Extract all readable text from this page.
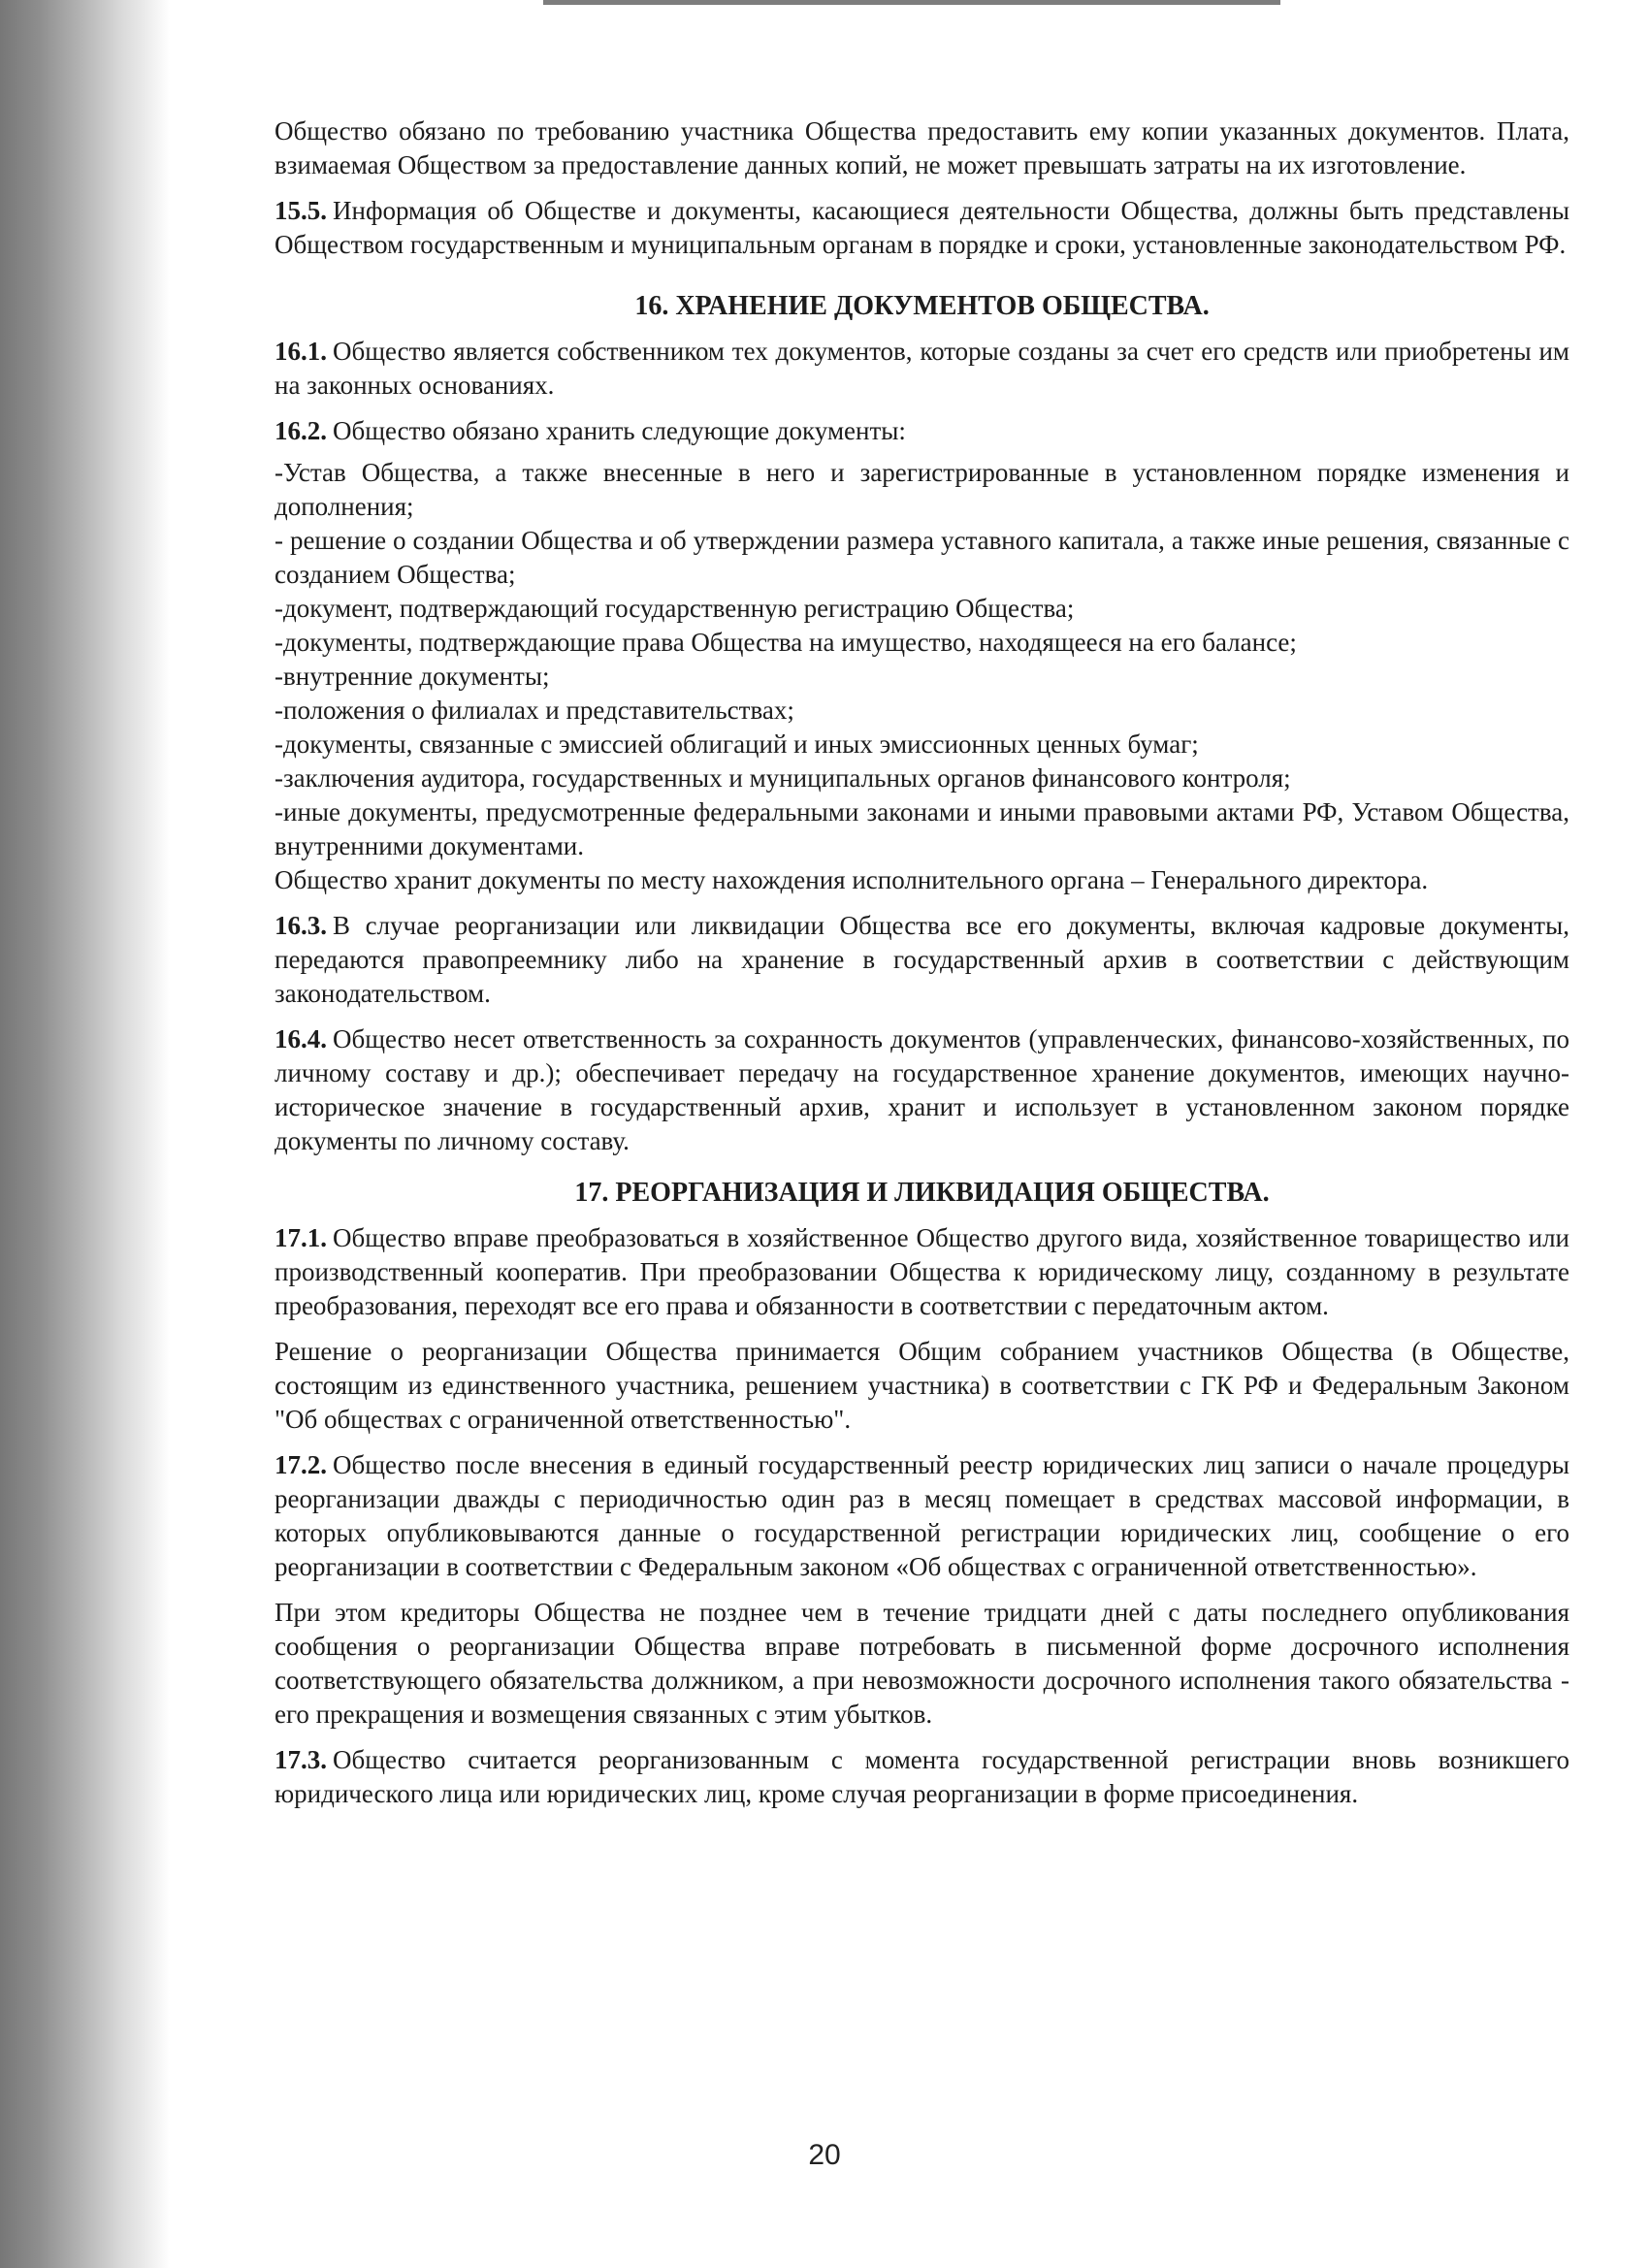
Общество обязано по требованию участника Общества предоставить ему копии указанных документов. Плата, взимаемая Обществом за предоставление данных копий, не может превышать затраты на их изготовление.

15.5. Информация об Обществе и документы, касающиеся деятельности Общества, должны быть представлены Обществом государственным и муниципальным органам в порядке и сроки, установленные законодательством РФ.

16. ХРАНЕНИЕ ДОКУМЕНТОВ ОБЩЕСТВА.

16.1. Общество является собственником тех документов, которые созданы за счет его средств или приобретены им на законных основаниях.

16.2. Общество обязано хранить следующие документы:

-Устав Общества, а также внесенные в него и зарегистрированные в установленном порядке изменения и дополнения;

- решение о создании Общества и об утверждении размера уставного капитала, а также иные решения, связанные с созданием Общества;

-документ, подтверждающий государственную регистрацию Общества;

-документы, подтверждающие права Общества на имущество, находящееся на его балансе;

-внутренние документы;

-положения о филиалах и представительствах;

-документы, связанные с эмиссией облигаций и иных эмиссионных ценных бумаг;

-заключения аудитора, государственных и муниципальных органов финансового контроля;

-иные документы, предусмотренные федеральными законами и иными правовыми актами РФ, Уставом Общества, внутренними документами.

Общество хранит документы по месту нахождения исполнительного органа – Генерального директора.

16.3. В случае реорганизации или ликвидации Общества все его документы, включая кадровые документы, передаются правопреемнику либо на хранение в государственный архив в соответствии с действующим законодательством.

16.4. Общество несет ответственность за сохранность документов (управленческих, финансово-хозяйственных, по личному составу и др.); обеспечивает передачу на государственное хранение документов, имеющих научно-историческое значение в государственный архив, хранит и использует в установленном законом порядке документы по личному составу.

17. РЕОРГАНИЗАЦИЯ И ЛИКВИДАЦИЯ ОБЩЕСТВА.

17.1. Общество вправе преобразоваться в хозяйственное Общество другого вида, хозяйственное товарищество или производственный кооператив. При преобразовании Общества к юридическому лицу, созданному в результате преобразования, переходят все его права и обязанности в соответствии с передаточным актом.

Решение о реорганизации Общества принимается Общим собранием участников Общества (в Обществе, состоящим из единственного участника, решением участника) в соответствии с ГК РФ и Федеральным Законом "Об обществах с ограниченной ответственностью".

17.2. Общество после внесения в единый государственный реестр юридических лиц записи о начале процедуры реорганизации дважды с периодичностью один раз в месяц помещает в средствах массовой информации, в которых опубликовываются данные о государственной регистрации юридических лиц, сообщение о его реорганизации в соответствии с Федеральным законом «Об обществах с ограниченной ответственностью».

При этом кредиторы Общества не позднее чем в течение тридцати дней с даты последнего опубликования сообщения о реорганизации Общества вправе потребовать в письменной форме досрочного исполнения соответствующего обязательства должником, а при невозможности досрочного исполнения такого обязательства - его прекращения и возмещения связанных с этим убытков.

17.3. Общество считается реорганизованным с момента государственной регистрации вновь возникшего юридического лица или юридических лиц, кроме случая реорганизации в форме присоединения.

20
